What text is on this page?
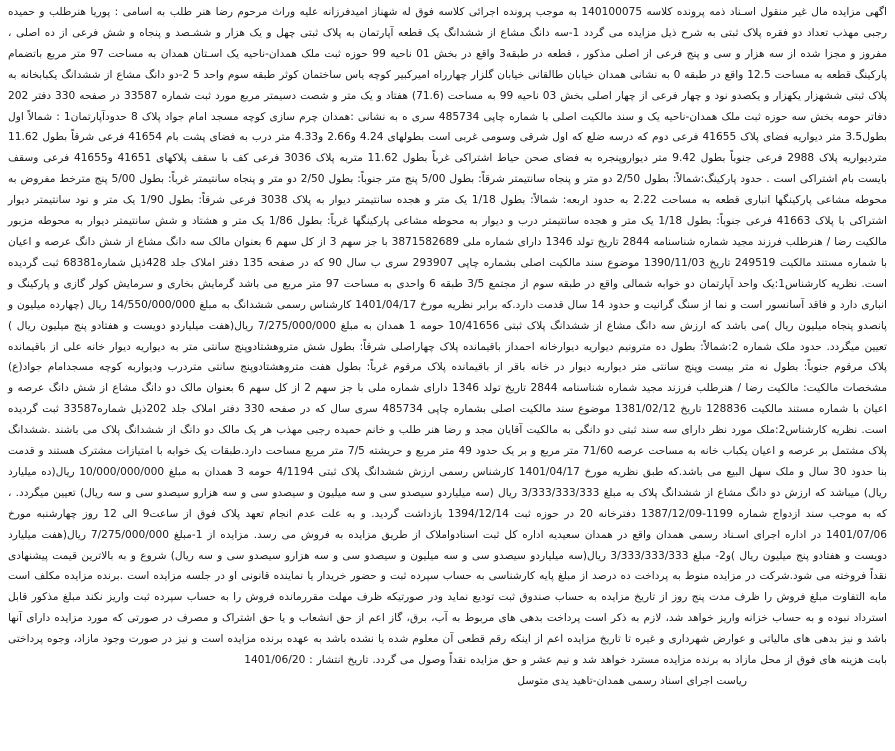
اگهی مزایده مال غیر منقول اسـناد ذمه پرونده کلاسه 140100075 به موجب پرونده اجرائی کلاسه فوق له شهناز امیدفرزانه علیه وراث مرحوم رضا هنر طلب به اسامی : پوریا هنرطلب و حمیده رجبی مهذب تعداد دو فقره پلاک ثبتی به شرح ذیل مزایده می گردد 1-سه دانگ مشاع از ششدانگ یک قطعه آپارتمان به پلاک ثبتی چهل و یک هزار و ششـصد و پنجاه و شش فرعی از ده اصلی ، مفروز و مجزا شده از سه هزار و سی و پنج فرعی از اصلی مذکور ، قطعه در طبقه3 واقع در بخش 01 ناحیه 99 حوزه ثبت ملک همدان-ناحیه یک اسـتان همدان به مساحت 97 متر مربع باتضمام پارکینگ قطعه به مساحت 12.5 واقع در طبقه 0 به نشانی همدان خیابان طالقانی خیابان گلزار چهارراه امیرکبیر کوچه یاس ساختمان کوثر طبقه سوم واحد 5 2-دو دانگ مشاع از ششدانگ یکبابخانه به پلاک ثبتی ششهزار یکهزار و یکصدو نود و چهار فرعی از چهار اصلی بخش 03 ناحیه 99 به مساحت (71.6) هفتاد و یک متر و شصت دسیمتر مربع مورد ثبت شماره 33587 در صفحه 330 دفتر 202 دفاتر حومه بخش سه حوزه ثبت ملک همدان-ناحیه یک و سند مالکیت اصلی با شماره چاپی 485734 سری ه به نشانی :همدان چرم سازی کوچه مسجد امام جواد پلاک 8 حدودآپارتمان1 : شمالاً اول بطول3.5 متر دیواریه فضای پلاک 41655 فرعی دوم که درسه ضلع که اول شرقی وسومی غربی است بطولهای 4.24 و2.66 و4.33 متر درب به فضای پشت بام 41654 فرعی شرقاً بطول 11.62 متردیواریه پلاک 2988 فرعی جنوباً بطول 9.42 متر دیواروپنجره به فضای صحن حیاط اشتراکی غرباً بطول 11.62 متربه پلاک 3036 فرعی کف با سقف پلاکهای 41651 و41655 فرعی وسقف بایست بام اشتراکی است . حدود پارکینگ:شمالاً: بطول 2/50 دو متر و پنجاه سانتیمتر شرقاً: بطول 5/00 پنج متر جنوباً: بطول 2/50 دو متر و پنجاه سانتیمتر غرباً: بطول 5/00 پنج مترخط مفروض به محوطه مشاعی پارکینگها انباری قطعه به مساحت 2.22 به حدود اربعه: شمالاً: بطول 1/18 یک متر و هجده سانتیمتر دیوار به پلاک 3038 فرعی شرقاً: بطول 1/90 یک متر و نود سانتیمتر دیوار اشتراکی با پلاک 41663 فرعی جنوباً: بطول 1/18 یک متر و هجده سانتیمتر درب و دیوار به محوطه مشاعی پارکینگها غرباً: بطول 1/86 یک متر و هشتاد و شش سانتیمتر دیوار به محوطه مزبور مالکیت رضا / هنرطلب فرزند مجید شماره شناسنامه 2844 تاریخ تولد 1346 دارای شماره ملی 3871582689 با جز سهم 3 از کل سهم 6 بعنوان مالک سه دانگ مشاع از شش دانگ عرصه و اعیان با شماره مستند مالکیت 249519 تاریخ 1390/11/03 موضوع سند مالکیت اصلی بشماره چاپی 293907 سری ب سال 90 که در صفحه 135 دفتر املاک جلد 428ذیل شماره68381 ثبت گردیده است. نظریه کارشناس1:یک واحد آپارتمان دو خوابه شمالی واقع در طبقه سوم از مجتمع 3/5 طبقه 6 واحدی به مساحت 97 متر مربع می باشد گرمایش بخاری و سرمایش کولر گازی و پارکینگ و انباری دارد و فاقد آسانسور است و نما از سنگ گرانیت و حدود 14 سال قدمت دارد.که برابر نظریه مورخ 1401/04/17 کارشناس رسمی ششدانگ به مبلغ 14/550/000/000 ریال (چهارده میلیون و پانصدو پنجاه میلیون ریال )می باشد که ارزش سه دانگ مشاع از ششدانگ پلاک ثبتی 10/41656 حومه 1 همدان به مبلغ 7/275/000/000 ریال(هفت میلیاردو دویست و هفتادو پنج میلیون ریال ) تعیین میگردد. حدود ملک شماره 2:شمالاً: بطول ده مترونیم دیواریه دیوارخانه احمداز باقیمانده پلاک چهاراصلی شرقاً: بطول شش متروهشتادوپنج سانتی متر به دیواریه دیوار خانه علی از باقیمانده پلاک مرقوم جنوباً: بطول نه متر بیست وپنج سانتی متر دیواربه دیوار در خانه باقر از باقیمانده پلاک مرقوم غرباً: بطول هفت متروهشتادوپنج سانتی متردرب ودیواربه کوچه مسجدامام جواد(ع) مشخصات مالکیت: مالکیت رضا / هنرطلب فرزند مجید شماره شناسنامه 2844 تاریخ تولد 1346 دارای شماره ملی با جز سهم 2 از کل سهم 6 بعنوان مالک دو دانگ مشاع از شش دانگ عرصه و اعیان با شماره مستند مالکیت 128836 تاریخ 1381/02/12 موضوع سند مالکیت اصلی بشماره چاپی 485734 سری سال که در صفحه 330 دفتر املاک جلد 202ذیل شماره33587 ثبت گردیده است. نظریه کارشناس2:ملک مورد نظر دارای سه سند ثبتی دو دانگی به مالکیت آقایان مجد و رضا هنر طلب و خانم حمیده رجبی مهذب هر یک مالک دو دانگ از ششدانگ پلاک می باشند .ششدانگ پلاک مشتمل بر عرصه و اعیان یکباب خانه به مساحت عرصه 71/60 متر مربع و بر یک حدود 49 متر مربع و حریشته 7/5 متر مربع مساحت دارد.طبقات یک خوابه با امتیازات مشترک هستند و قدمت بنا حدود 30 سال و ملک سهل البیع می باشد.که طبق نظریه مورخ 1401/04/17 کارشناس رسمی ارزش ششدانگ پلاک ثبتی 4/1194 حومه 3 همدان به مبلغ 10/000/000/000 ریال(ده میلیارد ریال) میباشد که ارزش دو دانگ مشاع از ششدانگ پلاک به مبلغ 3/333/333/333 ریال (سه میلیاردو سیصدو سی و سه میلیون و سیصدو سی و سه هزارو سیصدو سی و سه ریال) تعیین میگردد. ، که به موجب سند ازدواج شماره 1199-1387/12/09 دفترخانه 20 در حوزه ثبت 1394/12/14 بازداشت گردید. و به علت عدم انجام تعهد پلاک فوق از ساعت9 الی 12 روز چهارشنبه مورخ 1401/07/06 در اداره اجرای اسـناد رسمی همدان واقع در همدان سعیدیه اداره کل ثبت اسنادواملاک از طریق مزایده به فروش می رسد. مزایده از 1-مبلغ 7/275/000/000 ریال(هفت میلیارد دویست و هفتادو پنج میلیون ریال )و2- مبلغ 3/333/333/333 ریال(سه میلیاردو سیصدو سی و سه میلیون و سیصدو سی و سه هزارو سیصدو سی و سه ریال) شروع و به بالاترین قیمت پیشنهادی نقداً فروخته می شود.شرکت در مزایده منوط به پرداخت ده درصد از مبلغ پایه کارشناسی به حساب سپرده ثبت و حضور خریدار یا نماینده قانونی او در جلسه مزایده است .برنده مزایده مکلف است مابه التفاوت مبلغ فروش را ظرف مدت پنج روز از تاریخ مزایده به حساب صندوق ثبت تودیع نماید ودر صورتیکه ظرف مهلت مقررمانده فروش را به حساب سپرده ثبت واریز نکند مبلغ مذکور قابل استرداد نبوده و به حساب خزانه واریز خواهد شد، لازم به ذکر است پرداخت بدهی های مربوط به آب، برق، گاز اعم از حق انشعاب و یا حق اشتراک و مصرف در صورتی که مورد مزایده دارای آنها باشد و نیز بدهی های مالیاتی و عوارض شهرداری و غیره تا تاریخ مزایده اعم از اینکه رقم قطعی آن معلوم شده یا نشده باشد به عهده برنده مزایده است و نیز در صورت وجود مازاد، وجوه پرداختی بابت هزینه های فوق از محل مازاد به برنده مزایده مسترد خواهد شد و نیم عشر و حق مزایده نقداً وصول می گردد. تاریخ انتشار : 1401/06/20

ریاست اجرای اسناد رسمی همدان-تاهید یدی متوسل
